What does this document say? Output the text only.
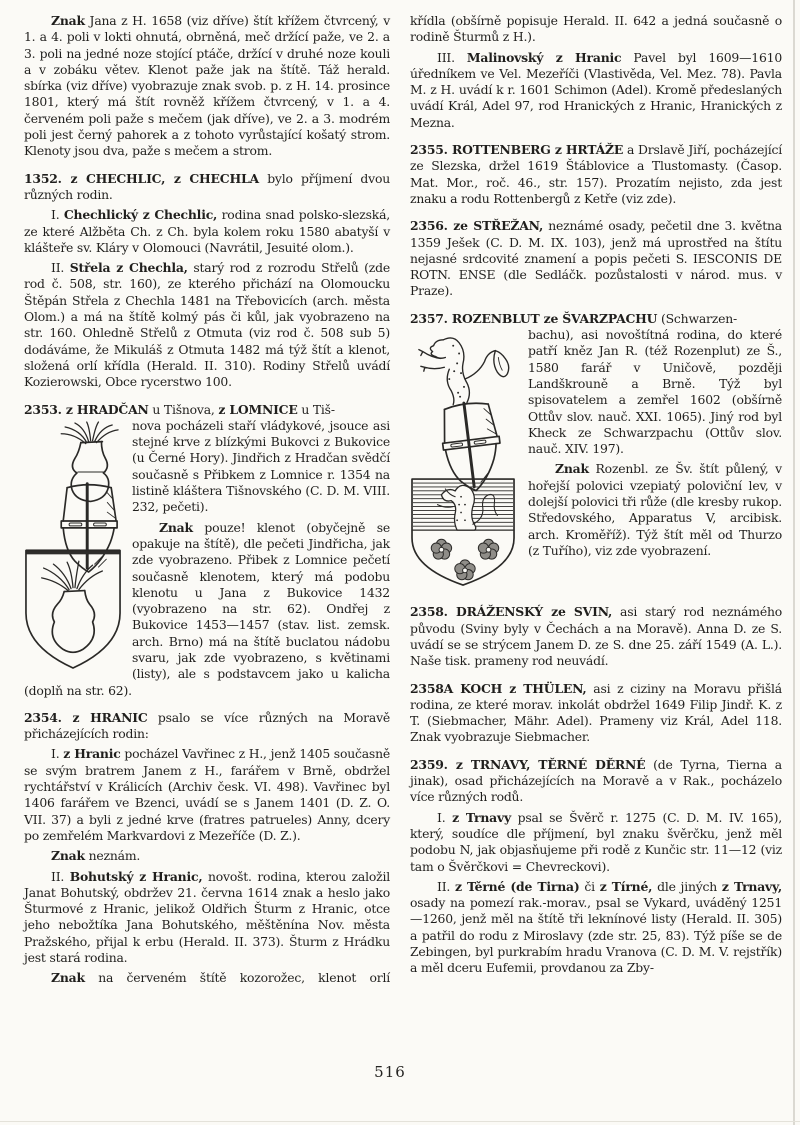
Znak Jana z H. 1658 (viz dříve) štít křížem čtvrcený, v 1. a 4. poli v lokti ohnutá, obrněná, meč držící paže, ve 2. a 3. poli na jedné noze stojící ptáče, držící v druhé noze kouli a v zobáku větev. Klenot paže jak na štítě. Táž herald. sbírka (viz dříve) vyobrazuje znak svob. p. z H. 14. prosince 1801, který má štít rovněž křížem čtvrcený, v 1. a 4. červeném poli paže s mečem (jak dříve), ve 2. a 3. modrém poli jest černý pahorek a z tohoto vyrůstající košatý strom. Klenoty jsou dva, paže s mečem a strom.

1352. z CHECHLIC, z CHECHLA bylo příjmení dvou různých rodin.

I. Chechlický z Chechlic, rodina snad polsko-slezská, ze které Alžběta Ch. z Ch. byla kolem roku 1580 abatyší v klášteře sv. Kláry v Olomouci (Navrátil, Jesuité olom.).

II. Střela z Chechla, starý rod z rozrodu Střelů (zde rod č. 508, str. 160), ze kterého přichází na Olomoucku Štěpán Střela z Chechla 1481 na Třebovicích (arch. města Olom.) a má na štítě kolmý pás či kůl, jak vyobrazeno na str. 160. Ohledně Střelů z Otmuta (viz rod č. 508 sub 5) dodáváme, že Mikuláš z Otmuta 1482 má týž štít a klenot, složená orlí křídla (Herald. II. 310). Rodiny Střelů uvádí Kozierowski, Obce rycerstwo 100.

2353. z HRADČAN u Tišnova, z LOMNICE u Tiš-

nova pocházeli staří vládykové, jsouce asi stejné krve z blízkými Bukovci z Bukovice (u Černé Hory). Jindřich z Hradčan svědčí současně s Přibkem z Lomnice r. 1354 na listině kláštera Tišnovského (C. D. M. VIII. 232, pečeti).

Znak pouze! klenot (obyčejně se opakuje na štítě), dle pečeti Jindřicha, jak zde vyobrazeno. Přibek z Lomnice pečetí současně klenotem, který má podobu klenotu u Jana z Bukovice 1432 (vyobrazeno na str. 62). Ondřej z Bukovice 1453—1457 (stav. list. zemsk. arch. Brno) má na štítě buclatou nádobu svaru, jak zde vyobrazeno, s květinami (listy), ale s podstavcem jako u kalicha (doplň na str. 62).

2354. z HRANIC psalo se více různých na Moravě přicházejících rodin:

I. z Hranic pocházel Vavřinec z H., jenž 1405 současně se svým bratrem Janem z H., farářem v Brně, obdržel rychtářství v Králicích (Archiv česk. VI. 498). Vavřinec byl 1406 farářem ve Bzenci, uvádí se s Janem 1401 (D. Z. O. VII. 37) a byli z jedné krve (fratres patrueles) Anny, dcery po zemřelém Markvardovi z Mezeříče (D. Z.).

Znak neznám.

II. Bohutský z Hranic, novošt. rodina, kterou založil Janat Bohutský, obdržev 21. června 1614 znak a heslo jako Šturmové z Hranic, jelikož Oldřich Šturm z Hranic, otce jeho nebožtíka Jana Bohutského, měštěnína Nov. města Pražského, přijal k erbu (Herald. II. 373). Šturm z Hrádku jest stará rodina.

Znak na červeném štítě kozorožec, klenot orlí

křídla (obšírně popisuje Herald. II. 642 a jedná současně o rodině Šturmů z H.).

III. Malinovský z Hranic Pavel byl 1609—1610 úředníkem ve Vel. Mezeříči (Vlastivěda, Vel. Mez. 78). Pavla M. z H. uvádí k r. 1601 Schimon (Adel). Kromě předeslaných uvádí Král, Adel 97, rod Hranických z Hranic, Hranických z Mezna.

2355. ROTTENBERG z HRTÁŽE a Drslavě Jiří, pocházející ze Slezska, držel 1619 Štáblovice a Tlustomasty. (Časop. Mat. Mor., roč. 46., str. 157). Prozatím nejisto, zda jest znaku a rodu Rottenbergů z Ketře (viz zde).

2356. ze STŘEŽAN, neznámé osady, pečetil dne 3. května 1359 Ješek (C. D. M. IX. 103), jenž má uprostřed na štítu nejasné srdcovité znamení a popis pečeti S. IESCONIS DE ROTN. ENSE (dle Sedláčk. pozůstalosti v národ. mus. v Praze).

2357. ROZENBLUT ze ŠVARZPACHU (Schwarzen-

bachu), asi novoštítná rodina, do které patří kněz Jan R. (též Rozenplut) ze Š., 1580 farář v Uničově, později Landškrouně a Brně. Týž byl spisovatelem a zemřel 1602 (obšírně Ottův slov. nauč. XXI. 1065). Jiný rod byl Kheck ze Schwarzpachu (Ottův slov. nauč. XIV. 197).

Znak Rozenbl. ze Šv. štít půlený, v hořejší polovici vzepiatý poloviční lev, v dolejší polovici tři růže (dle kresby rukop. Středovského, Apparatus V, arcibisk. arch. Kroměříž). Týž štít měl od Thurzo (z Tuřího), viz zde vyobrazení.

2358. DRÁŽENSKÝ ze SVIN, asi starý rod neznámého původu (Sviny byly v Čechách a na Moravě). Anna D. ze S. uvádí se se strýcem Janem D. ze S. dne 25. září 1549 (A. L.). Naše tisk. prameny rod neuvádí.

2358A KOCH z THÜLEN, asi z ciziny na Moravu přišlá rodina, ze které morav. inkolát obdržel 1649 Filip Jindř. K. z T. (Siebmacher, Mähr. Adel). Prameny viz Král, Adel 118. Znak vyobrazuje Siebmacher.

2359. z TRNAVY, TĚRNÉ DĚRNÉ (de Tyrna, Tierna a jinak), osad přicházejících na Moravě a v Rak., pocházelo více různých rodů.

I. z Trnavy psal se Švěrč r. 1275 (C. D. M. IV. 165), který, soudíce dle příjmení, byl znaku švěrčku, jenž měl podobu N, jak objasňujeme při rodě z Kunčic str. 11—12 (viz tam o Švěrčkovi = Chevreckovi).

II. z Těrné (de Tirna) či z Tírné, dle jiných z Trnavy, osady na pomezí rak.-morav., psal se Vykard, uváděný 1251—1260, jenž měl na štítě tři leknínové listy (Herald. II. 305) a patřil do rodu z Miroslavy (zde str. 25, 83). Týž píše se de Zebingen, byl purkrabím hradu Vranova (C. D. M. V. rejstřík) a měl dceru Eufemii, provdanou za Zby-

516
